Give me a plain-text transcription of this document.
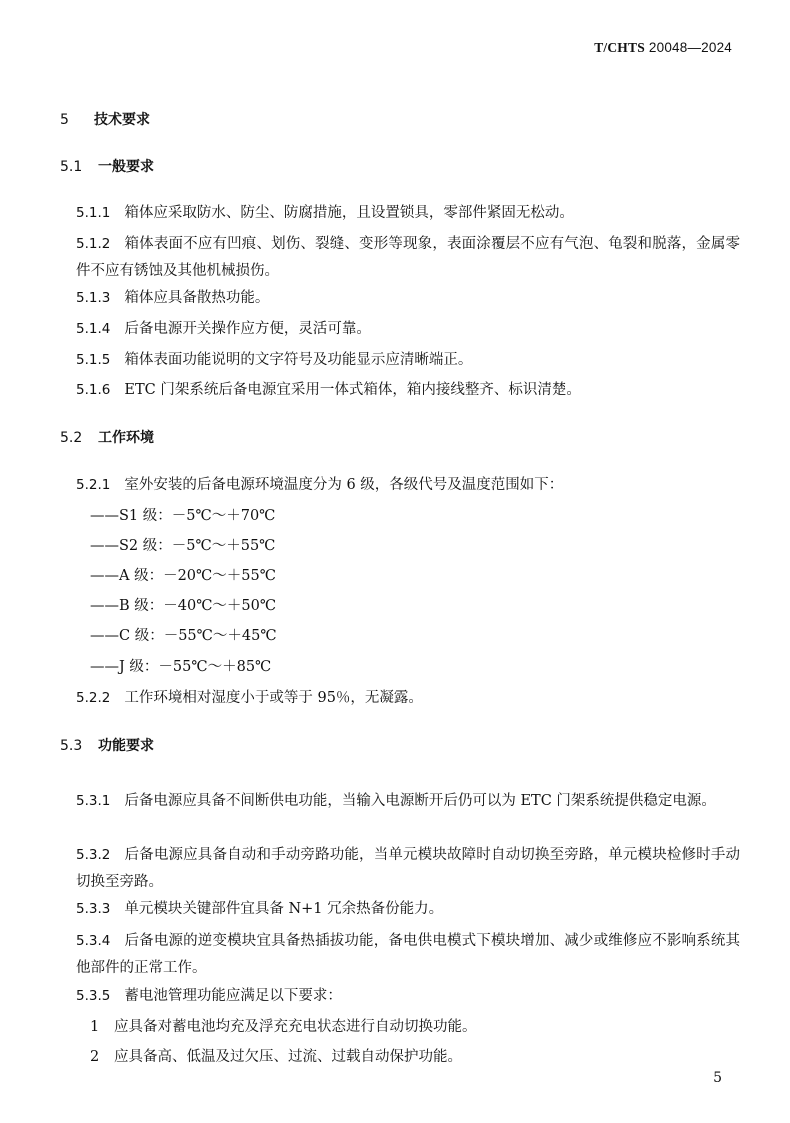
T/CHTS 20048—2024
5 技术要求
5.1 一般要求
5.1.1 箱体应采取防水、防尘、防腐措施，且设置锁具，零部件紧固无松动。
5.1.2 箱体表面不应有凹痕、划伤、裂缝、变形等现象，表面涂覆层不应有气泡、龟裂和脱落，金属零件不应有锈蚀及其他机械损伤。
5.1.3 箱体应具备散热功能。
5.1.4 后备电源开关操作应方便，灵活可靠。
5.1.5 箱体表面功能说明的文字符号及功能显示应清晰端正。
5.1.6 ETC 门架系统后备电源宜采用一体式箱体，箱内接线整齐、标识清楚。
5.2 工作环境
5.2.1 室外安装的后备电源环境温度分为 6 级，各级代号及温度范围如下：
——S1 级：－5℃～＋70℃
——S2 级：－5℃～＋55℃
——A 级：－20℃～＋55℃
——B 级：－40℃～＋50℃
——C 级：－55℃～＋45℃
——J 级：－55℃～＋85℃
5.2.2 工作环境相对湿度小于或等于 95％，无凝露。
5.3 功能要求
5.3.1 后备电源应具备不间断供电功能，当输入电源断开后仍可以为 ETC 门架系统提供稳定电源。
5.3.2 后备电源应具备自动和手动旁路功能，当单元模块故障时自动切换至旁路，单元模块检修时手动切换至旁路。
5.3.3 单元模块关键部件宜具备 N+1 冗余热备份能力。
5.3.4 后备电源的逆变模块宜具备热插拔功能，备电供电模式下模块增加、减少或维修应不影响系统其他部件的正常工作。
5.3.5 蓄电池管理功能应满足以下要求：
1 应具备对蓄电池均充及浮充充电状态进行自动切换功能。
2 应具备高、低温及过欠压、过流、过载自动保护功能。
5
